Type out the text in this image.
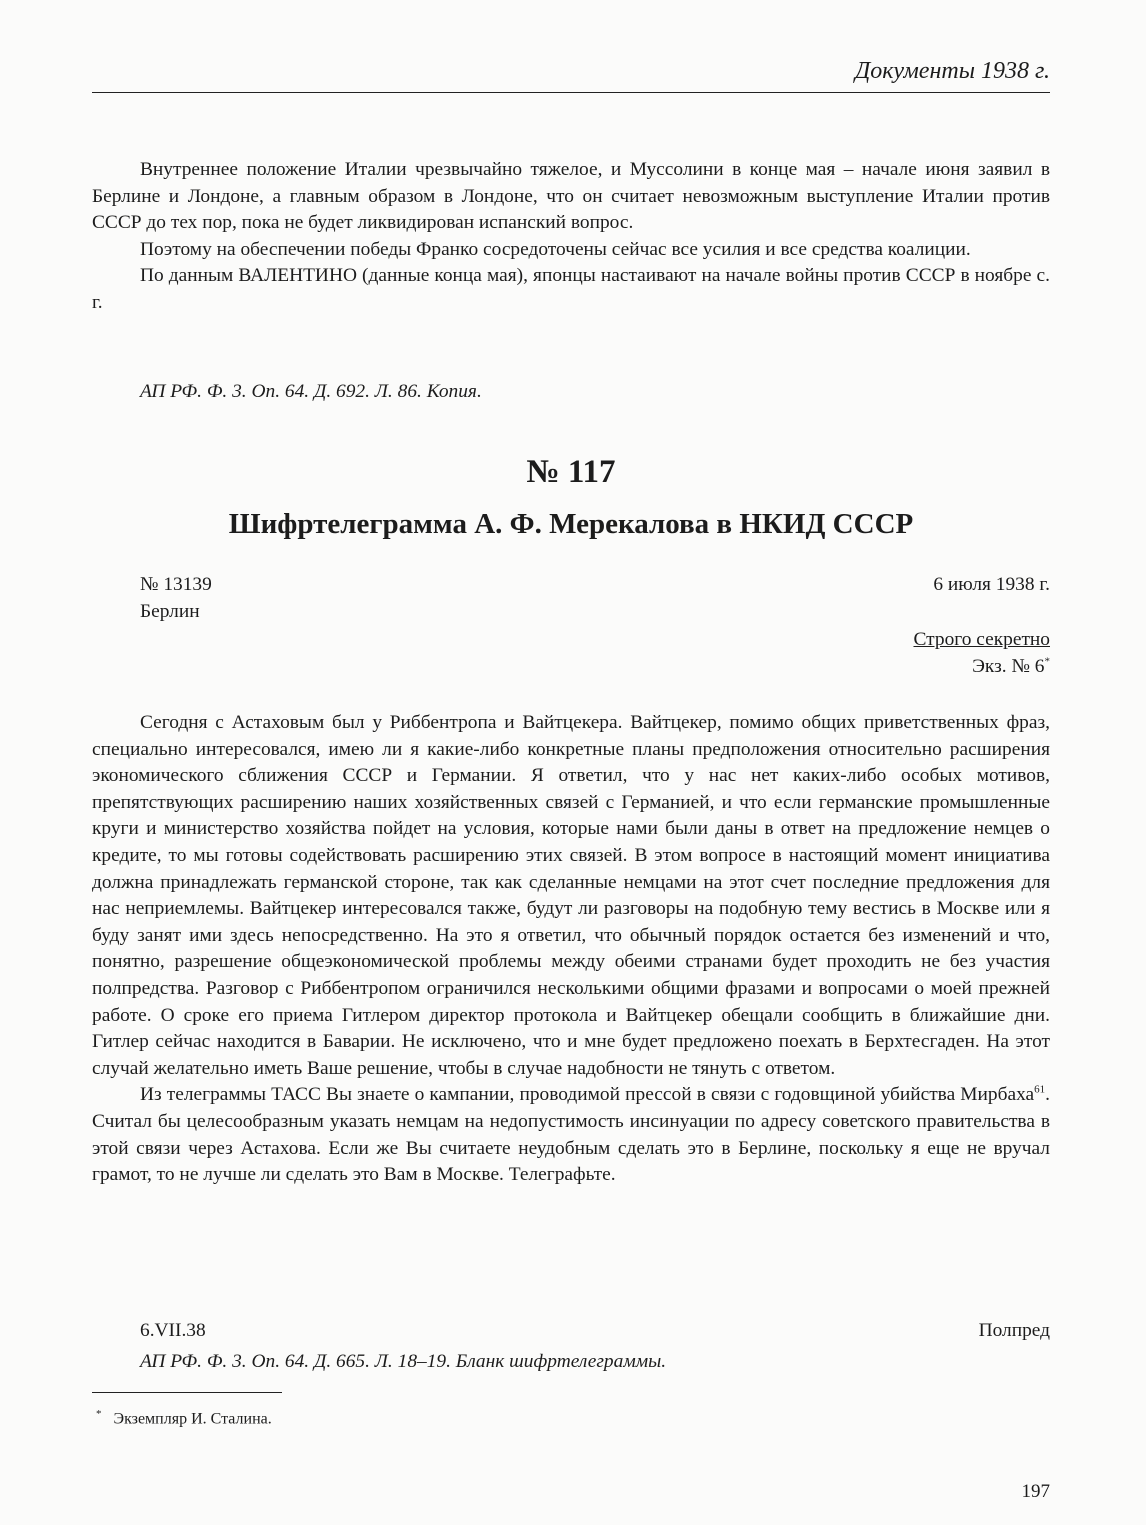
Документы 1938 г.

Внутреннее положение Италии чрезвычайно тяжелое, и Муссолини в конце мая – начале июня заявил в Берлине и Лондоне, а главным образом в Лондоне, что он считает невозможным выступление Италии против СССР до тех пор, пока не будет ликвидирован испанский вопрос.

Поэтому на обеспечении победы Франко сосредоточены сейчас все усилия и все средства коалиции.

По данным ВАЛЕНТИНО (данные конца мая), японцы настаивают на начале войны против СССР в ноябре с. г.

АП РФ. Ф. 3. Оп. 64. Д. 692. Л. 86. Копия.
№ 117
Шифртелеграмма А. Ф. Мерекалова в НКИД СССР
№ 13139	6 июля 1938 г.
Берлин
Строго секретно
Экз. № 6*

Сегодня с Астаховым был у Риббентропа и Вайтцекера. Вайтцекер, помимо общих приветственных фраз, специально интересовался, имею ли я какие-либо конкретные планы предположения относительно расширения экономического сближения СССР и Германии. Я ответил, что у нас нет каких-либо особых мотивов, препятствующих расширению наших хозяйственных связей с Германией, и что если германские промышленные круги и министерство хозяйства пойдет на условия, которые нами были даны в ответ на предложение немцев о кредите, то мы готовы содействовать расширению этих связей. В этом вопросе в настоящий момент инициатива должна принадлежать германской стороне, так как сделанные немцами на этот счет последние предложения для нас неприемлемы. Вайтцекер интересовался также, будут ли разговоры на подобную тему вестись в Москве или я буду занят ими здесь непосредственно. На это я ответил, что обычный порядок остается без изменений и что, понятно, разрешение общеэкономической проблемы между обеими странами будет проходить не без участия полпредства. Разговор с Риббентропом ограничился несколькими общими фразами и вопросами о моей прежней работе. О сроке его приема Гитлером директор протокола и Вайтцекер обещали сообщить в ближайшие дни. Гитлер сейчас находится в Баварии. Не исключено, что и мне будет предложено поехать в Берхтесгаден. На этот случай желательно иметь Ваше решение, чтобы в случае надобности не тянуть с ответом.

Из телеграммы ТАСС Вы знаете о кампании, проводимой прессой в связи с годовщиной убийства Мирбаха$^{61}$. Считал бы целесообразным указать немцам на недопустимость инсинуации по адресу советского правительства в этой связи через Астахова. Если же Вы считаете неудобным сделать это в Берлине, поскольку я еще не вручал грамот, то не лучше ли сделать это Вам в Москве. Телеграфьте.

6.VII.38	Полпред
АП РФ. Ф. 3. Оп. 64. Д. 665. Л. 18–19. Бланк шифртелеграммы.
* Экземпляр И. Сталина.
197
